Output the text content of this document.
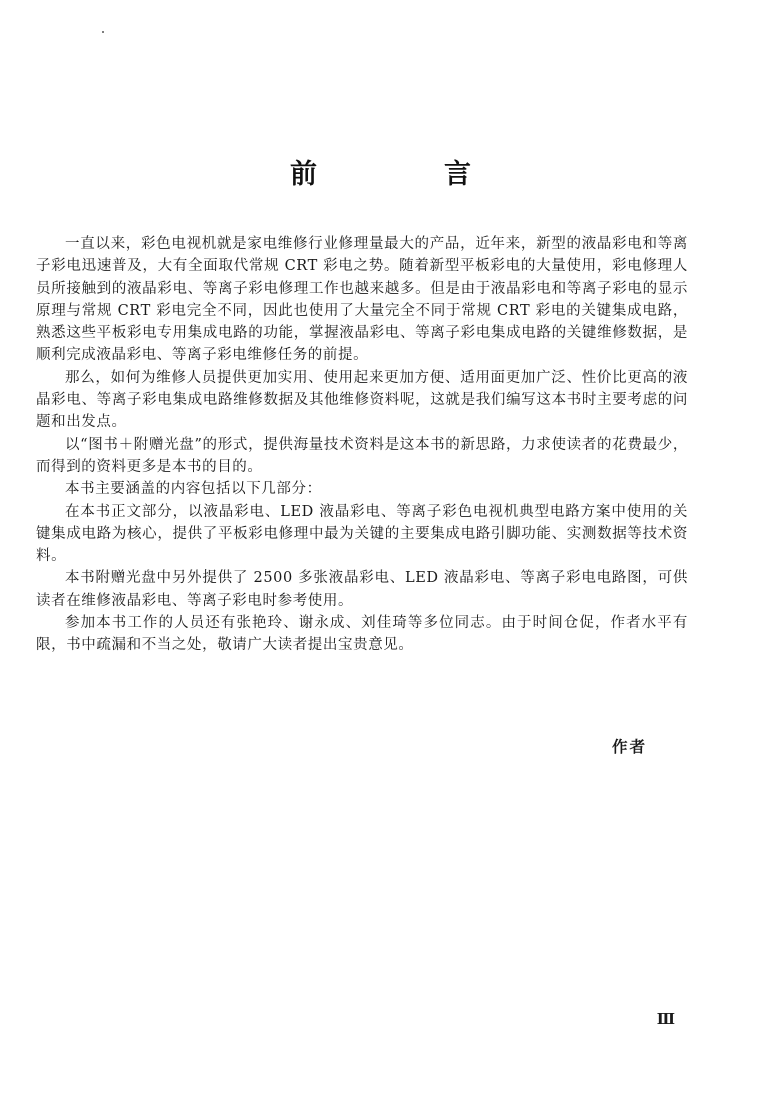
前　言

一直以来，彩色电视机就是家电维修行业修理量最大的产品，近年来，新型的液晶彩电和等离子彩电迅速普及，大有全面取代常规 CRT 彩电之势。随着新型平板彩电的大量使用，彩电修理人员所接触到的液晶彩电、等离子彩电修理工作也越来越多。但是由于液晶彩电和等离子彩电的显示原理与常规 CRT 彩电完全不同，因此也使用了大量完全不同于常规 CRT 彩电的关键集成电路，熟悉这些平板彩电专用集成电路的功能，掌握液晶彩电、等离子彩电集成电路的关键维修数据，是顺利完成液晶彩电、等离子彩电维修任务的前提。

那么，如何为维修人员提供更加实用、使用起来更加方便、适用面更加广泛、性价比更高的液晶彩电、等离子彩电集成电路维修数据及其他维修资料呢，这就是我们编写这本书时主要考虑的问题和出发点。

以“图书＋附赠光盘”的形式，提供海量技术资料是这本书的新思路，力求使读者的花费最少，而得到的资料更多是本书的目的。

本书主要涵盖的内容包括以下几部分：

在本书正文部分，以液晶彩电、LED 液晶彩电、等离子彩色电视机典型电路方案中使用的关键集成电路为核心，提供了平板彩电修理中最为关键的主要集成电路引脚功能、实测数据等技术资料。

本书附赠光盘中另外提供了 2500 多张液晶彩电、LED 液晶彩电、等离子彩电电路图，可供读者在维修液晶彩电、等离子彩电时参考使用。

参加本书工作的人员还有张艳玲、谢永成、刘佳琦等多位同志。由于时间仓促，作者水平有限，书中疏漏和不当之处，敬请广大读者提出宝贵意见。

作者
Ⅲ
